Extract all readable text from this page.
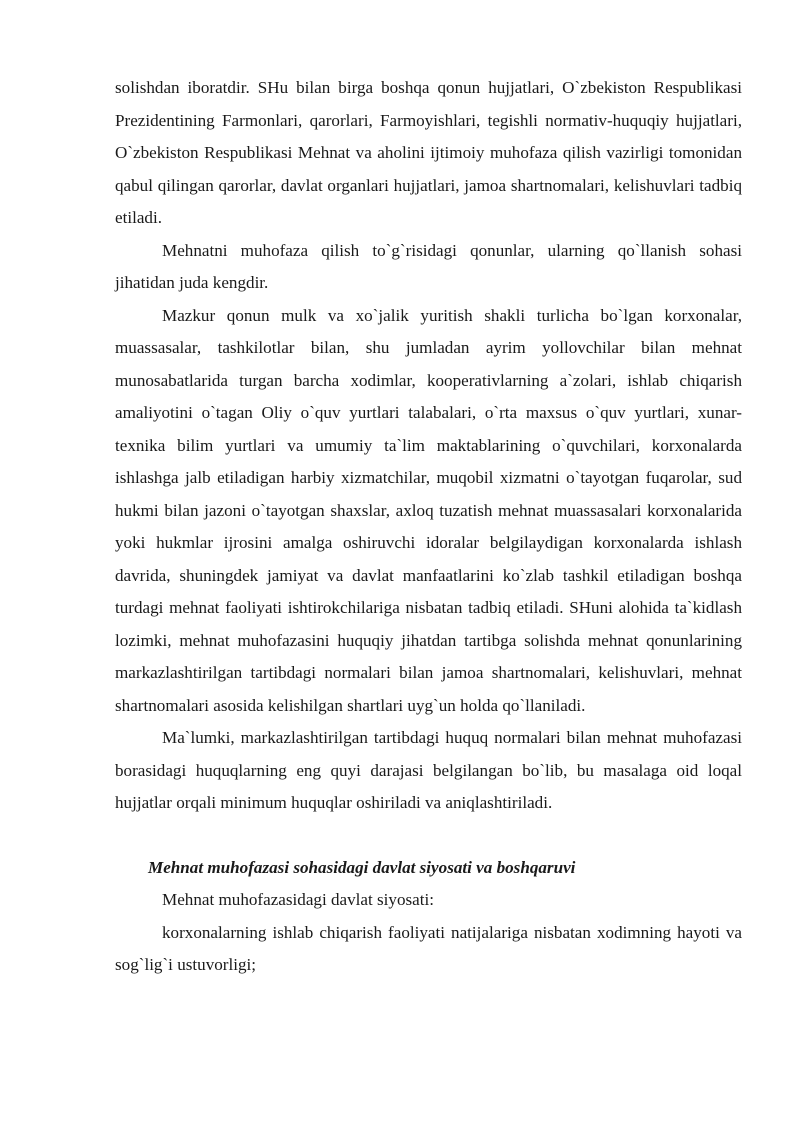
solishdan iboratdir. SHu bilan birga boshqa qonun hujjatlari, O`zbekiston Respublikasi Prezidentining Farmonlari, qarorlari, Farmoyishlari, tegishli normativ-huquqiy hujjatlari, O`zbekiston Respublikasi Mehnat va aholini ijtimoiy muhofaza qilish vazirligi tomonidan qabul qilingan qarorlar, davlat organlari hujjatlari, jamoa shartnomalari, kelishuvlari tadbiq etiladi.

Mehnatni muhofaza qilish to`g`risidagi qonunlar, ularning qo`llanish sohasi jihatidan juda kengdir.

Mazkur qonun mulk va xo`jalik yuritish shakli turlicha bo`lgan korxonalar, muassasalar, tashkilotlar bilan, shu jumladan ayrim yollovchilar bilan mehnat munosabatlarida turgan barcha xodimlar, kooperativlarning a`zolari, ishlab chiqarish amaliyotini o`tagan Oliy o`quv yurtlari talabalari, o`rta maxsus o`quv yurtlari, xunar-texnika bilim yurtlari va umumiy ta`lim maktablarining o`quvchilari, korxonalarda ishlashga jalb etiladigan harbiy xizmatchilar, muqobil xizmatni o`tayotgan fuqarolar, sud hukmi bilan jazoni o`tayotgan shaxslar, axloq tuzatish mehnat muassasalari korxonalarida yoki hukmlar ijrosini amalga oshiruvchi idoralar belgilaydigan korxonalarda ishlash davrida, shuningdek jamiyat va davlat manfaatlarini ko`zlab tashkil etiladigan boshqa turdagi mehnat faoliyati ishtirokchilariga nisbatan tadbiq etiladi. SHuni alohida ta`kidlash lozimki, mehnat muhofazasini huquqiy jihatdan tartibga solishda mehnat qonunlarining markazlashtirilgan tartibdagi normalari bilan jamoa shartnomalari, kelishuvlari, mehnat shartnomalari asosida kelishilgan shartlari uyg`un holda qo`llaniladi.

Ma`lumki, markazlashtirilgan tartibdagi huquq normalari bilan mehnat muhofazasi borasidagi huquqlarning eng quyi darajasi belgilangan bo`lib, bu masalaga oid loqal hujjatlar orqali minimum huquqlar oshiriladi va aniqlashtiriladi.

Mehnat muhofazasi sohasidagi davlat siyosati va boshqaruvi

Mehnat muhofazasidagi davlat siyosati:

korxonalarning ishlab chiqarish faoliyati natijalariga nisbatan xodimning hayoti va sog`lig`i ustuvorligi;
